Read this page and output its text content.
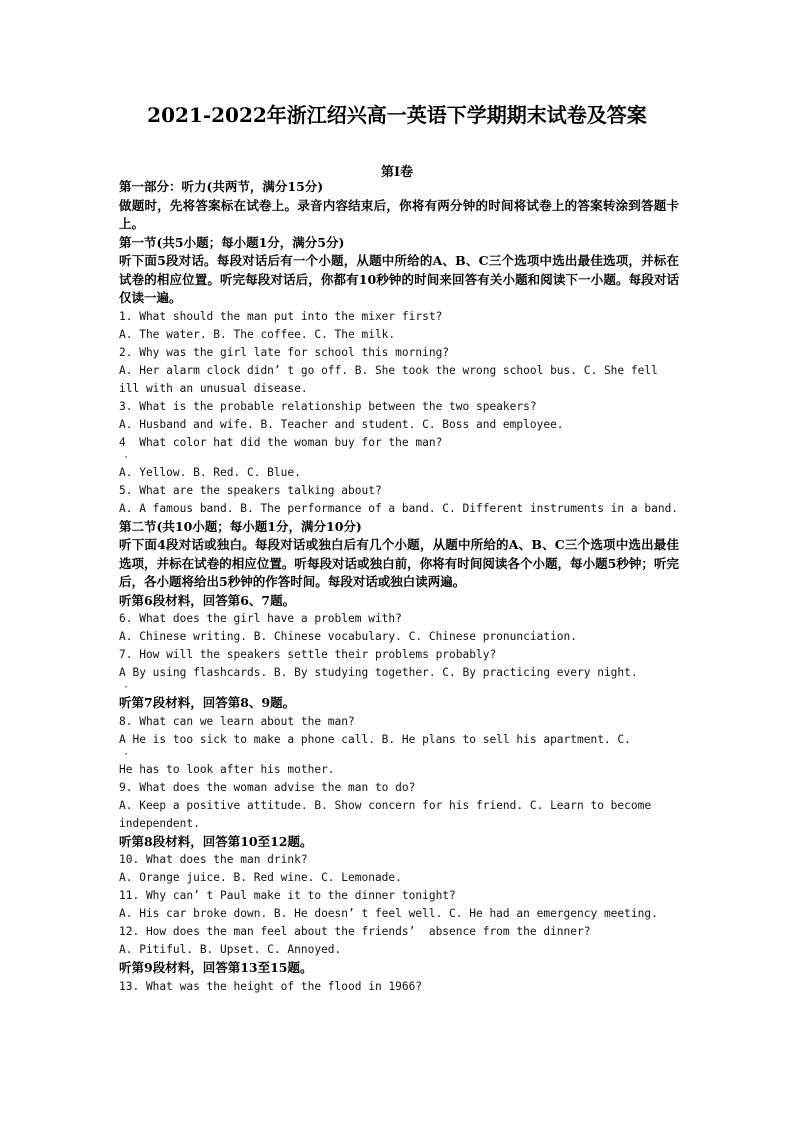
2021-2022年浙江绍兴高一英语下学期期末试卷及答案
第Ⅰ卷

第一部分：听力(共两节，满分15分)

做题时，先将答案标在试卷上。录音内容结束后，你将有两分钟的时间将试卷上的答案转涂到答题卡上。

第一节(共5小题；每小题1分，满分5分)

听下面5段对话。每段对话后有一个小题，从题中所给的A、B、C三个选项中选出最佳选项，并标在试卷的相应位置。听完每段对话后，你都有10秒钟的时间来回答有关小题和阅读下一小题。每段对话仅读一遍。

1. What should the man put into the mixer first?

A. The water. B. The coffee. C. The milk.

2. Why was the girl late for school this morning?

A. Her alarm clock didn’ t go off. B. She took the wrong school bus. C. She fell ill with an unusual disease.

3. What is the probable relationship between the two speakers?

A. Husband and wife. B. Teacher and student. C. Boss and employee.

4  What color hat did the woman buy for the man?

·

A. Yellow. B. Red. C. Blue.

5. What are the speakers talking about?

A. A famous band. B. The performance of a band. C. Different instruments in a band.

第二节(共10小题；每小题1分，满分10分)

听下面4段对话或独白。每段对话或独白后有几个小题，从题中所给的A、B、C三个选项中选出最佳选项，并标在试卷的相应位置。听每段对话或独白前，你将有时间阅读各个小题，每小题5秒钟；听完后，各小题将给出5秒钟的作答时间。每段对话或独白读两遍。

听第6段材料，回答第6、7题。

6. What does the girl have a problem with?

A. Chinese writing. B. Chinese vocabulary. C. Chinese pronunciation.

7. How will the speakers settle their problems probably?

A By using flashcards. B. By studying together. C. By practicing every night.

·

听第7段材料，回答第8、9题。

8. What can we learn about the man?

A He is too sick to make a phone call. B. He plans to sell his apartment. C.

·

He has to look after his mother.

9. What does the woman advise the man to do?

A. Keep a positive attitude. B. Show concern for his friend. C. Learn to become independent.

听第8段材料，回答第10至12题。

10. What does the man drink?

A. Orange juice. B. Red wine. C. Lemonade.

11. Why can’ t Paul make it to the dinner tonight?

A. His car broke down. B. He doesn’ t feel well. C. He had an emergency meeting.

12. How does the man feel about the friends’  absence from the dinner?

A. Pitiful. B. Upset. C. Annoyed.

听第9段材料，回答第13至15题。

13. What was the height of the flood in 1966?
